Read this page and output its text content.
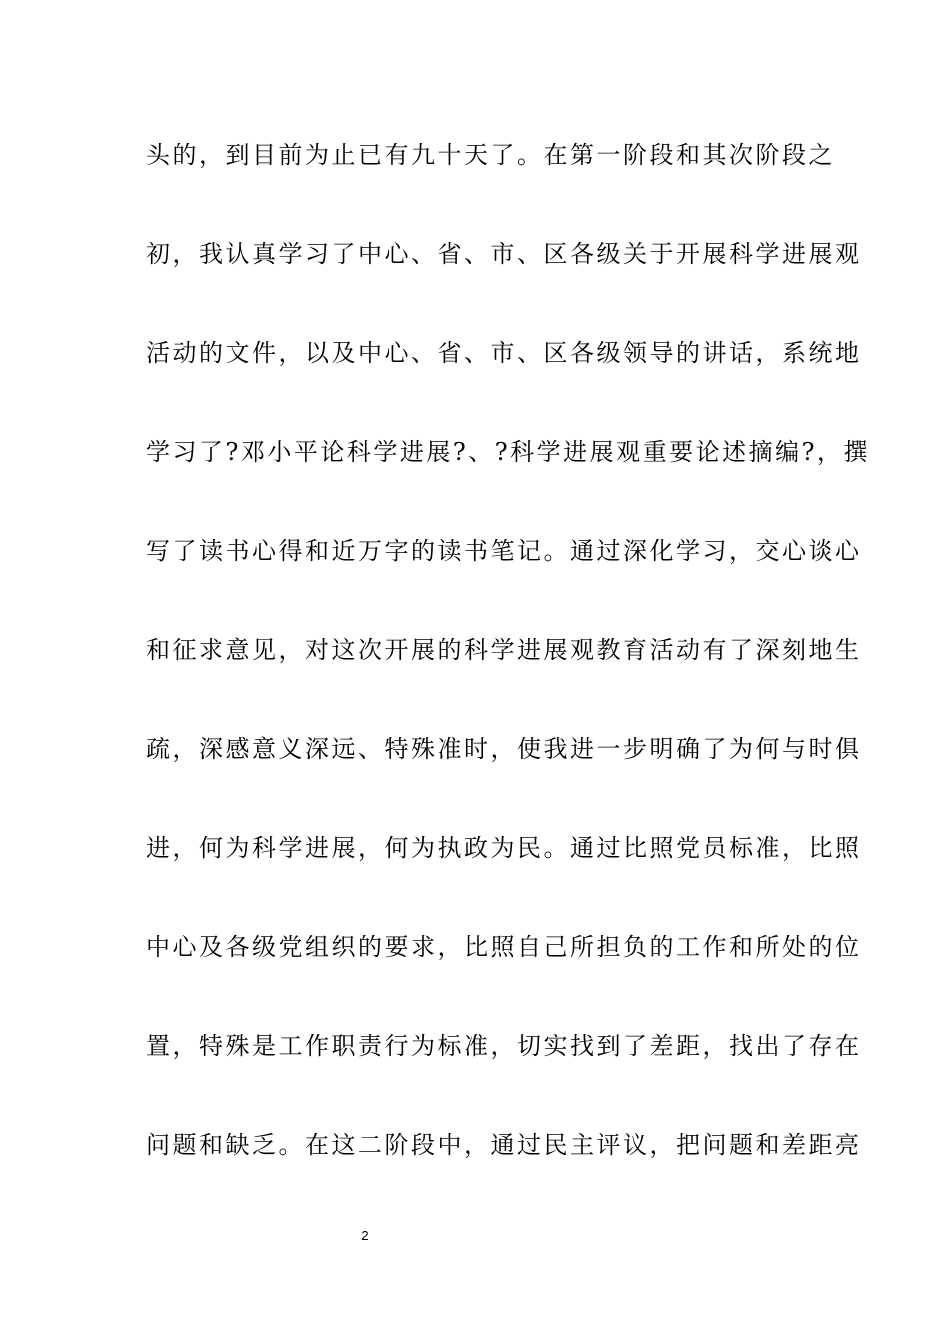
头的，到目前为止已有九十天了。在第一阶段和其次阶段之
初，我认真学习了中心、省、市、区各级关于开展科学进展观
活动的文件，以及中心、省、市、区各级领导的讲话，系统地
学习了?邓小平论科学进展?、?科学进展观重要论述摘编?，撰
写了读书心得和近万字的读书笔记。通过深化学习，交心谈心
和征求意见，对这次开展的科学进展观教育活动有了深刻地生
疏，深感意义深远、特殊准时，使我进一步明确了为何与时俱
进，何为科学进展，何为执政为民。通过比照党员标准，比照
中心及各级党组织的要求，比照自己所担负的工作和所处的位
置，特殊是工作职责行为标准，切实找到了差距，找出了存在
问题和缺乏。在这二阶段中，通过民主评议，把问题和差距亮
2
